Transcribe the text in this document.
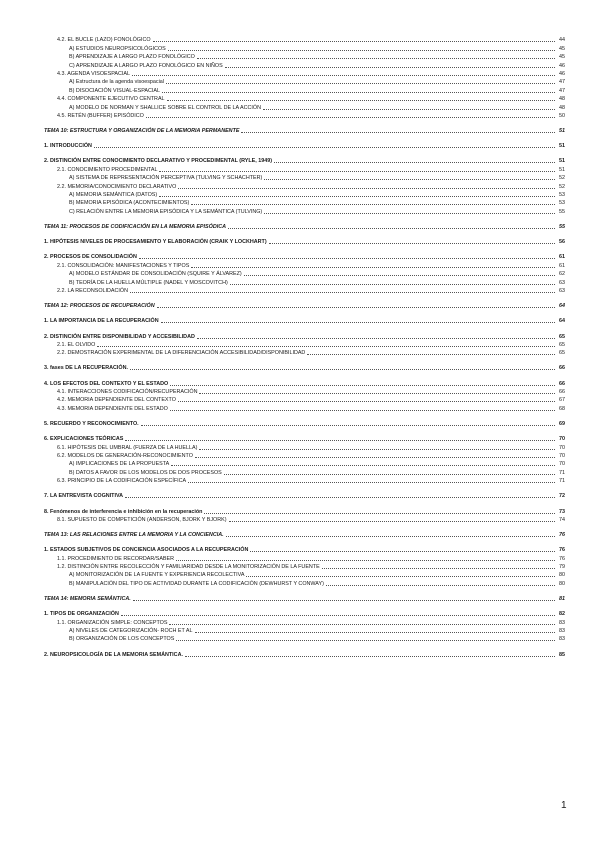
4.2. EL BUCLE (LAZO) FONOLÓGICO	44
A) ESTUDIOS NEUROPSICOLÓGICOS	45
B) APRENDIZAJE A LARGO PLAZO FONOLÓGICO	45
C) APRENDIZAJE A LARGO PLAZO FONOLÓGICO EN NIÑOS	46
4.3. AGENDA VISOESPACIAL	46
A) Estructura de la agenda visoespacial	47
B) DISOCIACIÓN VISUAL-ESPACIAL	47
4.4. COMPONENTE EJECUTIVO CENTRAL	48
A) MODELO DE NORMAN Y SHALLICE SOBRE EL CONTROL DE LA ACCIÓN	48
4.5. RETÉN (BUFFER) EPISÓDICO	50
TEMA 10: ESTRUCTURA Y ORGANIZACIÓN DE LA MEMORIA PERMANENTE	51
1. INTRODUCCIÓN	51
2. DISTINCIÓN ENTRE CONOCIMIENTO DECLARATIVO Y PROCEDIMENTAL (RYLE, 1949)	51
2.1. CONOCIMIENTO PROCEDIMENTAL	51
A) SISTEMA DE REPRESENTACIÓN PERCEPTIVA (TULVING Y SCHACHTER)	52
2.2. MEMORIA/CONOCIMIENTO DECLARATIVO	52
A) MEMORIA SEMÁNTICA (DATOS)	53
B) MEMORIA EPISÓDICA (ACONTECIMIENTOS)	53
C) RELACIÓN ENTRE LA MEMORIA EPISÓDICA Y LA SEMÁNTICA (TULVING)	55
TEMA 11: PROCESOS DE CODIFICACIÓN EN LA MEMORIA EPISÓDICA	55
1. HIPÓTESIS NIVELES DE PROCESAMIENTO Y ELABORACIÓN (CRAIK Y LOCKHART)	56
2. PROCESOS DE CONSOLIDACIÓN	61
2.1. CONSOLIDACIÓN: MANIFESTACIONES Y TIPOS	61
A) MODELO ESTÁNDAR DE CONSOLIDACIÓN (SQUIRE Y ÁLVAREZ)	62
B) TEORÍA DE LA HUELLA MÚLTIPLE (NADEL Y MOSCOVITCH)	63
2.2. LA RECONSOLIDACIÓN	63
TEMA 12: PROCESOS DE RECUPERACIÓN	64
1. LA IMPORTANCIA DE LA RECUPERACIÓN	64
2. DISTINCIÓN ENTRE DISPONIBILIDAD Y ACCESIBILIDAD	65
2.1. EL OLVIDO	65
2.2. DEMOSTRACIÓN EXPERIMENTAL DE LA DIFERENCIACIÓN ACCESIBILIDAD/DISPONIBILIDAD	65
3. fases DE LA RECUPERACIÓN.	66
4. LOS EFECTOS DEL CONTEXTO Y EL ESTADO	66
4.1. INTERACCIONES CODIFICACIÓN/RECUPERACIÓN	66
4.2. MEMORIA DEPENDIENTE DEL CONTEXTO	67
4.3. MEMORIA DEPENDIENTE DEL ESTADO	68
5. RECUERDO Y RECONOCIMIENTO.	69
6. EXPLICACIONES TEÓRICAS	70
6.1. HIPÓTESIS DEL UMBRAL (FUERZA DE LA HUELLA)	70
6.2. MODELOS DE GENERACIÓN-RECONOCIMIENTO	70
A) IMPLICACIONES DE LA PROPUESTA	70
B) DATOS A FAVOR DE LOS MODELOS DE DOS PROCESOS	71
6.3. PRINCIPIO DE LA CODIFICACIÓN ESPECÍFICA	71
7. LA ENTREVISTA COGNITIVA	72
8. Fenómenos de interferencia e inhibición en la recuperación	73
8.1. SUPUESTO DE COMPETICIÓN (ANDERSON, BJORK Y BJORK)	74
TEMA 13: LAS RELACIONES ENTRE LA MEMORIA Y LA CONCIENCIA.	76
1. ESTADOS SUBJETIVOS DE CONCIENCIA ASOCIADOS A LA RECUPERACIÓN	76
1.1. PROCEDIMIENTO DE RECORDAR/SABER	76
1.2. DISTINCIÓN ENTRE RECOLECCIÓN Y FAMILIARIDAD DESDE LA MONITORIZACIÓN DE LA FUENTE	79
A) MONITORIZACIÓN DE LA FUENTE Y EXPERIENCIA RECOLECTIVA	80
B) MANIPULACIÓN DEL TIPO DE ACTIVIDAD DURANTE LA CODIFICACIÓN (DEWHURST Y CONWAY)	80
TEMA 14: MEMORIA SEMÁNTICA.	81
1. TIPOS DE ORGANIZACIÓN	82
1.1. ORGANIZACIÓN SIMPLE: CONCEPTOS	83
A) NIVELES DE CATEGORIZACIÓN- ROCH ET AL	83
B) ORGANIZACIÓN DE LOS CONCEPTOS	83
2. NEUROPSICOLOGÍA DE LA MEMORIA SEMÁNTICA.	85
1
